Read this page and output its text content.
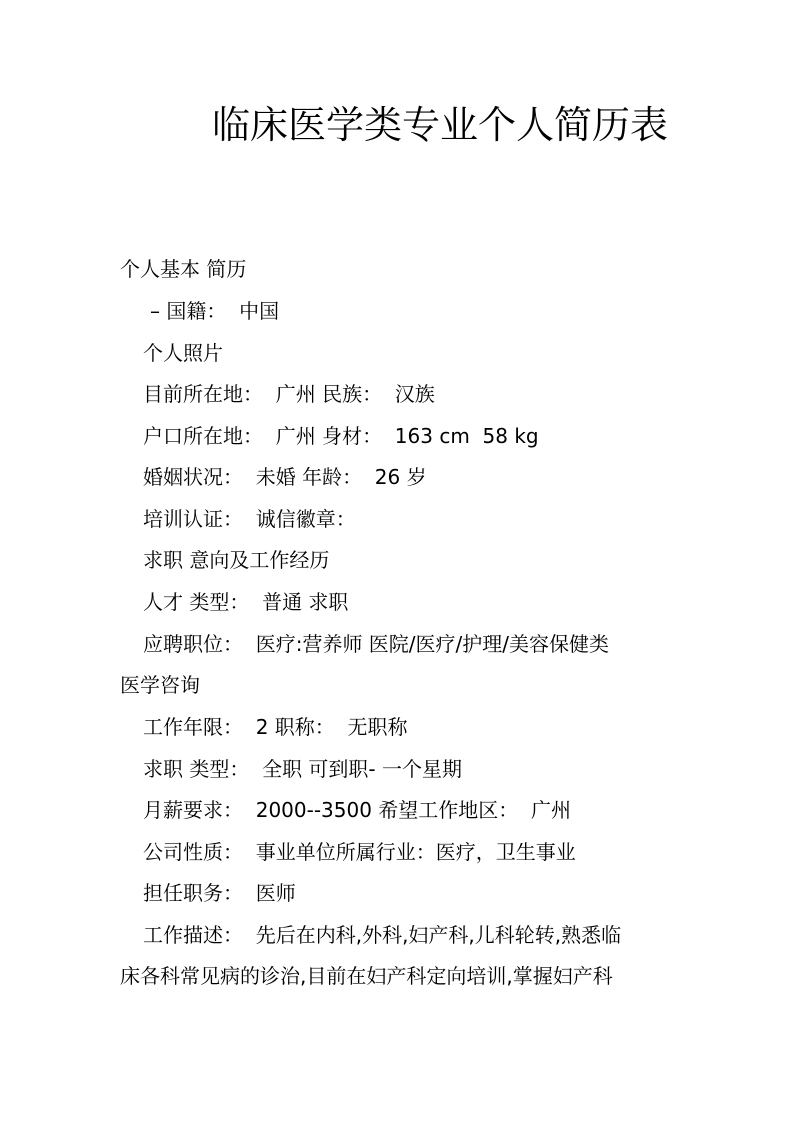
临床医学类专业个人简历表
个人基本 简历
– 国籍：  中国
个人照片
目前所在地：  广州 民族：  汉族
户口所在地：  广州 身材：  163 cm  58 kg
婚姻状况：  未婚 年龄：  26 岁
培训认证：  诚信徽章：
求职 意向及工作经历
人才 类型：  普通 求职
应聘职位：  医疗:营养师 医院/医疗/护理/美容保健类
医学咨询
工作年限：  2 职称：  无职称
求职 类型：  全职 可到职- 一个星期
月薪要求：  2000--3500 希望工作地区：  广州
公司性质：  事业单位所属行业：医疗，卫生事业
担任职务：  医师
工作描述：  先后在内科,外科,妇产科,儿科轮转,熟悉临
床各科常见病的诊治,目前在妇产科定向培训,掌握妇产科
